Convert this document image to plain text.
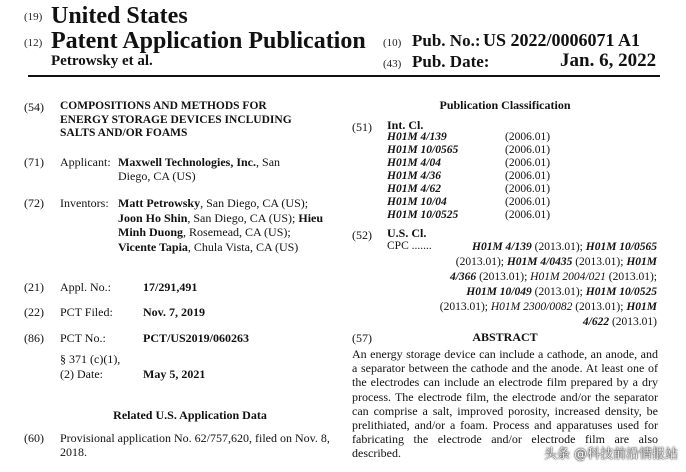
(19) United States
(12) Patent Application Publication
Petrowsky et al.
(10) Pub. No.: US 2022/0006071 A1
(43) Pub. Date:	Jan. 6, 2022
(54) COMPOSITIONS AND METHODS FOR ENERGY STORAGE DEVICES INCLUDING SALTS AND/OR FOAMS
(71) Applicant: Maxwell Technologies, Inc., San Diego, CA (US)
(72) Inventors: Matt Petrowsky, San Diego, CA (US); Joon Ho Shin, San Diego, CA (US); Hieu Minh Duong, Rosemead, CA (US); Vicente Tapia, Chula Vista, CA (US)
(21) Appl. No.:	17/291,491
(22) PCT Filed:	Nov. 7, 2019
(86) PCT No.:	PCT/US2019/060263
§ 371 (c)(1),
(2) Date:	May 5, 2021
Related U.S. Application Data
(60) Provisional application No. 62/757,620, filed on Nov. 8, 2018.
Publication Classification
(51) Int. Cl.
H01M 4/139	(2006.01)
H01M 10/0565	(2006.01)
H01M 4/04	(2006.01)
H01M 4/36	(2006.01)
H01M 4/62	(2006.01)
H01M 10/04	(2006.01)
H01M 10/0525	(2006.01)
(52) U.S. Cl.
CPC .......	H01M 4/139 (2013.01); H01M 10/0565
(2013.01); H01M 4/0435 (2013.01); H01M
4/366 (2013.01); H01M 2004/021 (2013.01);
H01M 10/049 (2013.01); H01M 10/0525
(2013.01); H01M 2300/0082 (2013.01); H01M
4/622 (2013.01)
(57)	ABSTRACT
An energy storage device can include a cathode, an anode, and a separator between the cathode and the anode. At least one of the electrodes can include an electrode film prepared by a dry process. The electrode film, the electrode and/or the separator can comprise a salt, improved porosity, increased density, be prelithiated, and/or a foam. Process and apparatuses used for fabricating the electrode and/or electrode film are also described.	头条 @科技前沿情报站
